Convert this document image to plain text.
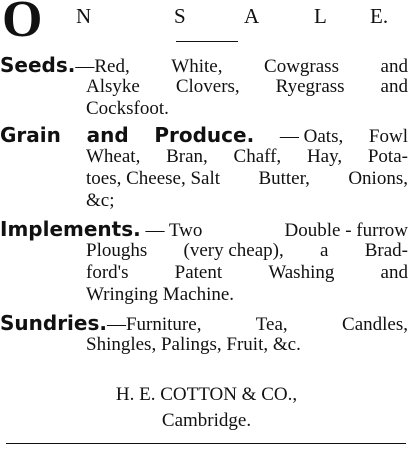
O N	S	A	L E.
Seeds. —Red, White, Cowgrass and
Alsyke Clovers, Ryegrass and
Cocksfoot.
Grain and Produce. — Oats, Fowl
Wheat, Bran, Chaff, Hay, Pota-
toes, Cheese, Salt Butter, Onions,
&c;
Implements.
— Two	Double - furrow
Ploughs (very cheap), a Brad-
ford's Patent Washing and
Wringing Machine.
Sundries. —Furniture,	Tea,	Candles,
Shingles, Palings, Fruit, &c.
H. E. COTTON & CO.,
Cambridge.
